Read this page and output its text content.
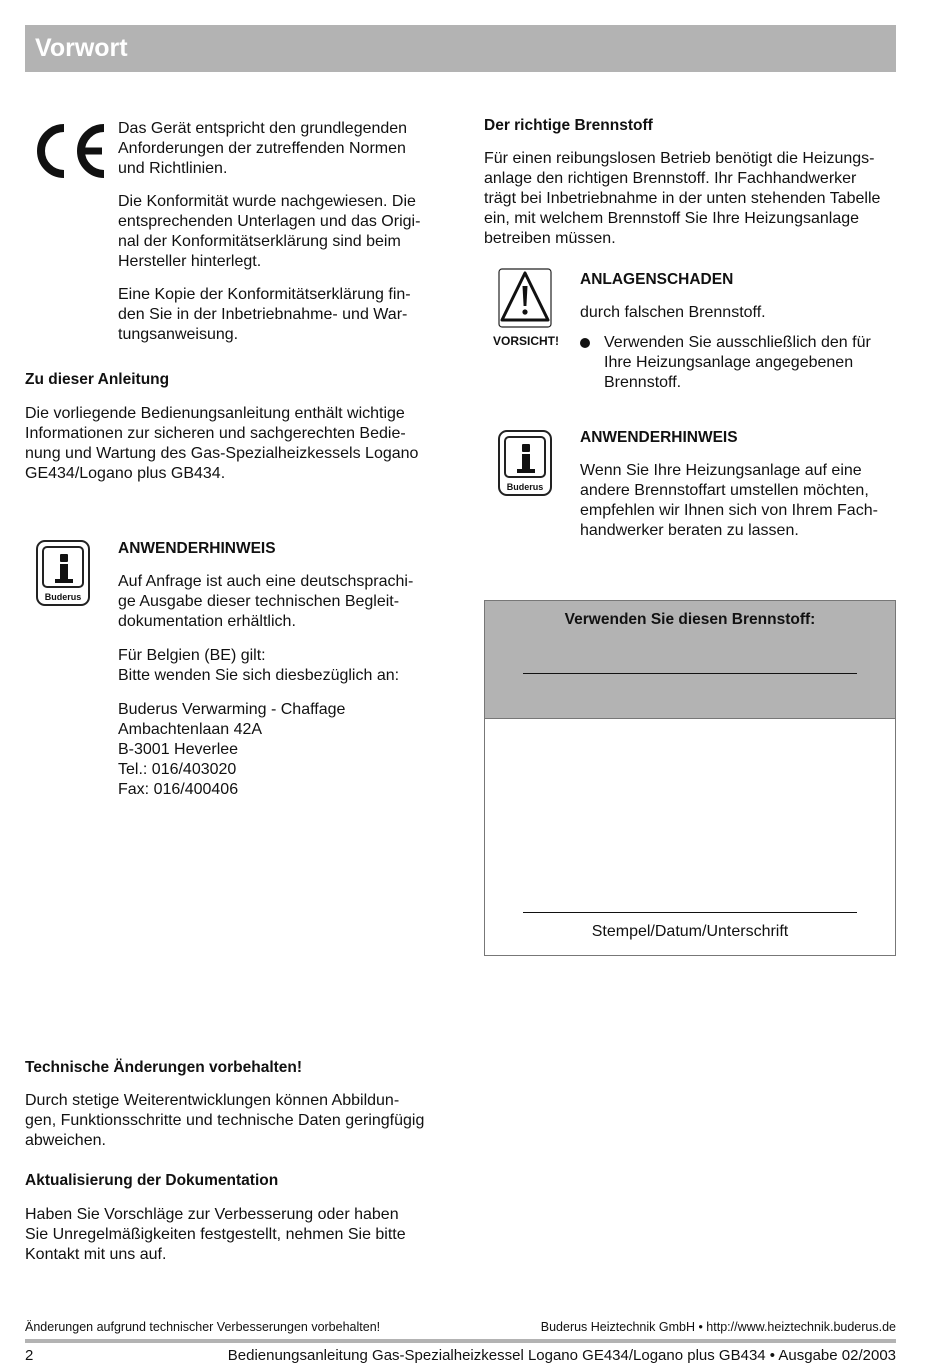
Vorwort

Das Gerät entspricht den grundlegenden
Anforderungen der zutreffenden Normen
und Richtlinien.

Die Konformität wurde nachgewiesen. Die
entsprechenden Unterlagen und das Origi-
nal der Konformitätserklärung sind beim
Hersteller hinterlegt.

Eine Kopie der Konformitätserklärung fin-
den Sie in der Inbetriebnahme- und War-
tungsanweisung.

Zu dieser Anleitung

Die vorliegende Bedienungsanleitung enthält wichtige
Informationen zur sicheren und sachgerechten Bedie-
nung und Wartung des Gas-Spezialheizkessels Logano
GE434/Logano plus GB434.

Buderus
ANWENDERHINWEIS

Auf Anfrage ist auch eine deutschsprachi-
ge Ausgabe dieser technischen Begleit-
dokumentation erhältlich.

Für Belgien (BE) gilt:
Bitte wenden Sie sich diesbezüglich an:

Buderus Verwarming - Chaffage
Ambachtenlaan 42A
B-3001 Heverlee
Tel.: 016/403020
Fax: 016/400406

Der richtige Brennstoff

Für einen reibungslosen Betrieb benötigt die Heizungs-
anlage den richtigen Brennstoff. Ihr Fachhandwerker
trägt bei Inbetriebnahme in der unten stehenden Tabelle
ein, mit welchem Brennstoff Sie Ihre Heizungsanlage
betreiben müssen.

VORSICHT!
ANLAGENSCHADEN
durch falschen Brennstoff.

Verwenden Sie ausschließlich den für
Ihre Heizungsanlage angegebenen
Brennstoff.

Buderus
ANWENDERHINWEIS

Wenn Sie Ihre Heizungsanlage auf eine
andere Brennstoffart umstellen möchten,
empfehlen wir Ihnen sich von Ihrem Fach-
handwerker beraten zu lassen.

Verwenden Sie diesen Brennstoff:
Stempel/Datum/Unterschrift
Technische Änderungen vorbehalten!

Durch stetige Weiterentwicklungen können Abbildun-
gen, Funktionsschritte und technische Daten geringfügig
abweichen.

Aktualisierung der Dokumentation

Haben Sie Vorschläge zur Verbesserung oder haben
Sie Unregelmäßigkeiten festgestellt, nehmen Sie bitte
Kontakt mit uns auf.

Änderungen aufgrund technischer Verbesserungen vorbehalten!	Buderus Heiztechnik GmbH • http://www.heiztechnik.buderus.de
2	Bedienungsanleitung Gas-Spezialheizkessel Logano GE434/Logano plus GB434 • Ausgabe 02/2003
